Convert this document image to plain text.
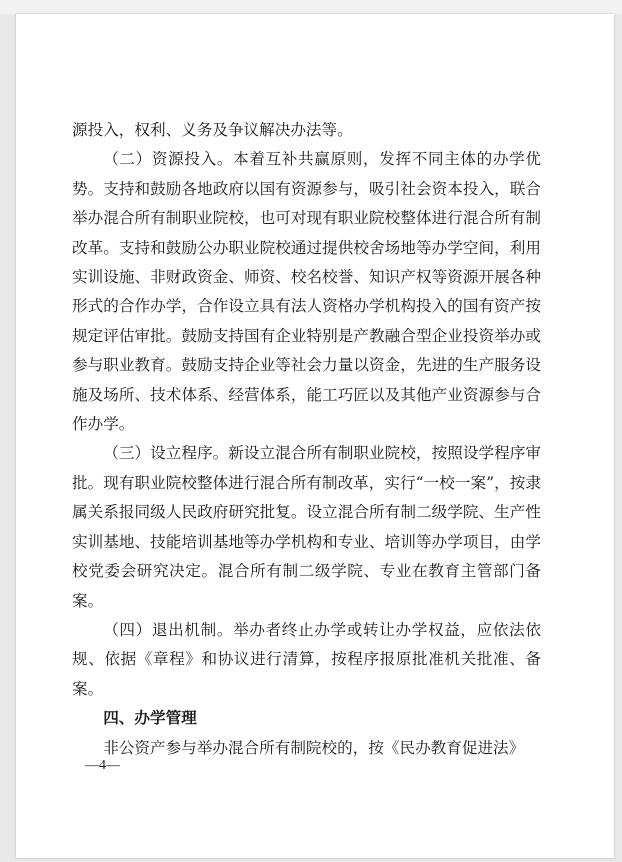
源投入，权利、义务及争议解决办法等。

（二）资源投入。本着互补共赢原则，发挥不同主体的办学优势。支持和鼓励各地政府以国有资源参与，吸引社会资本投入，联合举办混合所有制职业院校，也可对现有职业院校整体进行混合所有制改革。支持和鼓励公办职业院校通过提供校舍场地等办学空间，利用实训设施、非财政资金、师资、校名校誉、知识产权等资源开展各种形式的合作办学，合作设立具有法人资格办学机构投入的国有资产按规定评估审批。鼓励支持国有企业特别是产教融合型企业投资举办或参与职业教育。鼓励支持企业等社会力量以资金，先进的生产服务设施及场所、技术体系、经营体系，能工巧匠以及其他产业资源参与合作办学。

（三）设立程序。新设立混合所有制职业院校，按照设学程序审批。现有职业院校整体进行混合所有制改革，实行“一校一案”，按隶属关系报同级人民政府研究批复。设立混合所有制二级学院、生产性实训基地、技能培训基地等办学机构和专业、培训等办学项目，由学校党委会研究决定。混合所有制二级学院、专业在教育主管部门备案。

（四）退出机制。举办者终止办学或转让办学权益，应依法依规、依据《章程》和协议进行清算，按程序报原批准机关批准、备案。

四、办学管理

非公资产参与举办混合所有制院校的，按《民办教育促进法》

—4—
